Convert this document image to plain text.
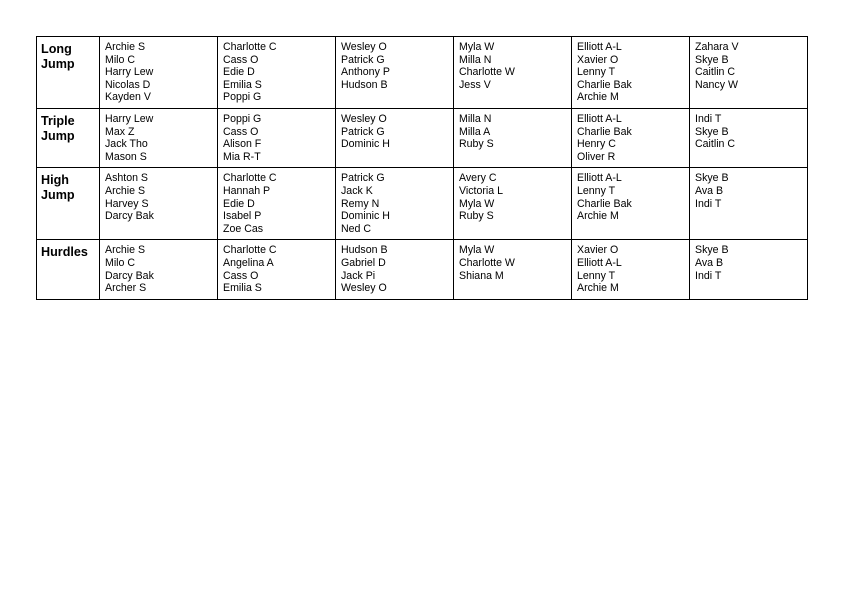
Long Jump	Archie S
Milo C
Harry Lew
Nicolas D
Kayden V	Charlotte C
Cass O
Edie D
Emilia S
Poppi G	Wesley O
Patrick G
Anthony P
Hudson B	Myla W
Milla N
Charlotte W
Jess V	Elliott A-L
Xavier O
Lenny T
Charlie Bak
Archie M	Zahara V
Skye B
Caitlin C
Nancy W

Triple Jump	Harry Lew
Max Z
Jack Tho
Mason S	Poppi G
Cass O
Alison F
Mia R-T	Wesley O
Patrick G
Dominic H	Milla N
Milla A
Ruby S	Elliott A-L
Charlie Bak
Henry C
Oliver R	Indi T
Skye B
Caitlin C

High Jump	Ashton S
Archie S
Harvey S
Darcy Bak	Charlotte C
Hannah P
Edie D
Isabel P
Zoe Cas	Patrick G
Jack K
Remy N
Dominic H
Ned C	Avery C
Victoria L
Myla W
Ruby S	Elliott A-L
Lenny T
Charlie Bak
Archie M	Skye B
Ava B
Indi T

Hurdles	Archie S
Milo C
Darcy Bak
Archer S	Charlotte C
Angelina A
Cass O
Emilia S	Hudson B
Gabriel D
Jack Pi
Wesley O	Myla W
Charlotte W
Shiana M	Xavier O
Elliott A-L
Lenny T
Archie M	Skye B
Ava B
Indi T
